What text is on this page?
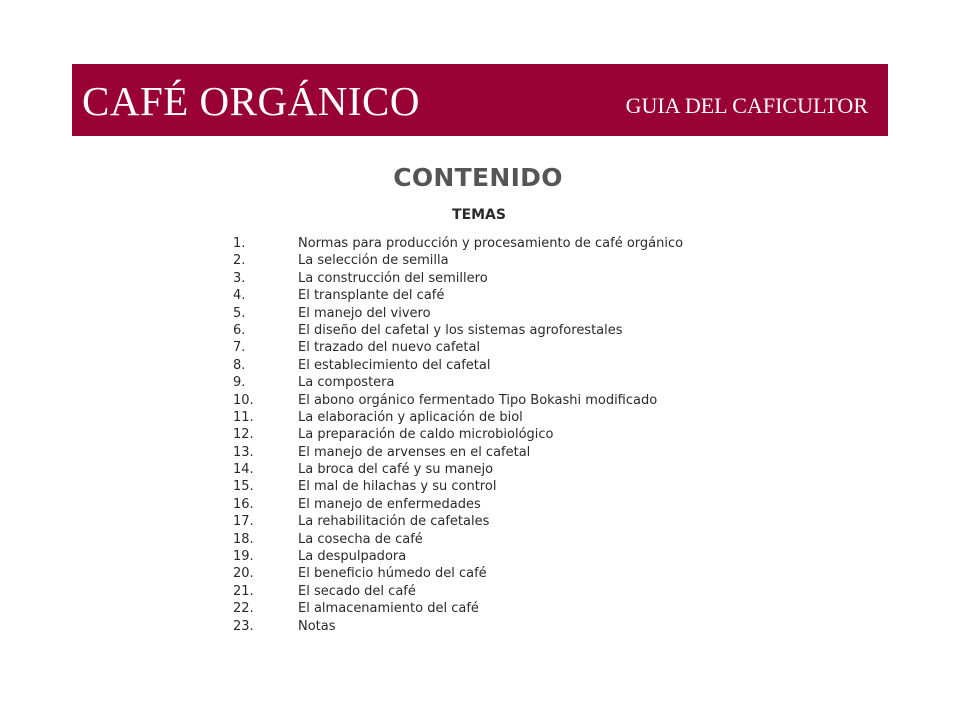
CAFÉ ORGÁNICO	GUIA DEL CAFICULTOR
CONTENIDO
TEMAS
1.	Normas para producción y procesamiento de café orgánico
2.	La selección de semilla
3.	La construcción del semillero
4.	El transplante del café
5.	El manejo del vivero
6.	El diseño del cafetal y los sistemas agroforestales
7.	El trazado del nuevo cafetal
8.	El establecimiento del cafetal
9.	La compostera
10.	El abono orgánico fermentado Tipo Bokashi modificado
11.	La elaboración y aplicación de biol
12.	La preparación de caldo microbiológico
13.	El manejo de arvenses en el cafetal
14.	La broca del café y su manejo
15.	El mal de hilachas y su control
16.	El manejo de enfermedades
17.	La rehabilitación de cafetales
18.	La cosecha de café
19.	La despulpadora
20.	El beneficio húmedo del café
21.	El secado del café
22.	El almacenamiento del café
23.	Notas
